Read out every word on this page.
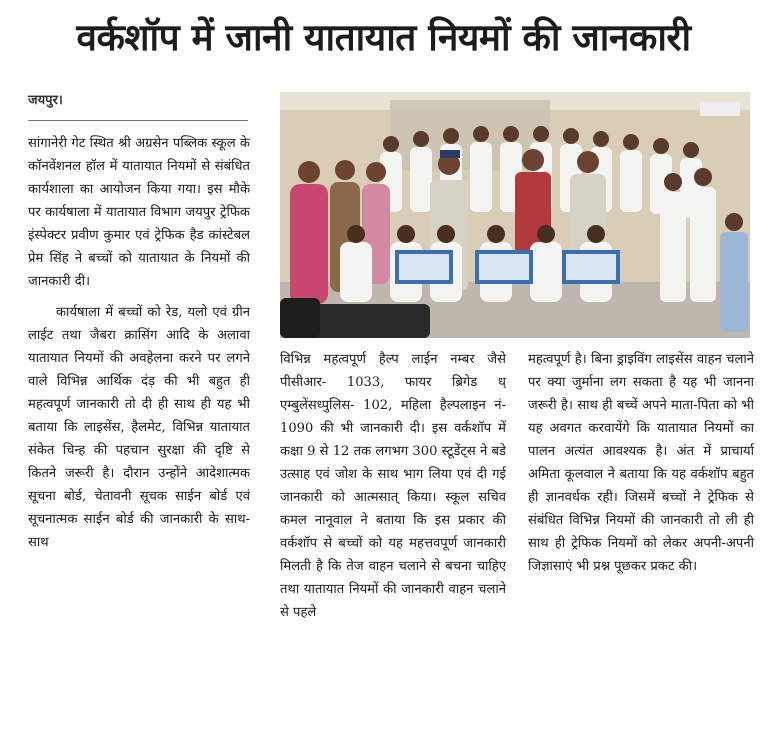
वर्कशॉप में जानी यातायात नियमों की जानकारी
जयपुर।

सांगानेरी गेट स्थित श्री अग्रसेन पब्लिक स्कूल के कॉनवेंशनल हॉल में यातायात नियमों से संबंधित कार्यशाला का आयोजन किया गया। इस मौके पर कार्यषाला में यातायात विभाग जयपुर ट्रेफिक इंस्पेक्टर प्रवीण कुमार एवं ट्रेफिक हैड कांस्टेबल प्रेम सिंह ने बच्चों को यातायात के नियमों की जानकारी दी।

कार्यषाला में बच्चों को रेड, यलो एवं ग्रीन लाईट तथा जैबरा क्रासिंग आदि के अलावा यातायात नियमों की अवहेलना करने पर लगने वाले विभिन्न आर्थिक दंड़ की भी बहुत ही महत्वपूर्ण जानकारी तो दी ही साथ ही यह भी बताया कि लाइसेंस, हैलमेट, विभिन्न यातायात संकेत चिन्ह की पहचान सुरक्षा की दृष्टि से कितने जरूरी है। दौरान उन्होंने आदेशात्मक सूचना बोर्ड, चेतावनी सूचक साईन बोर्ड एवं सूचनात्मक साईन बोर्ड की जानकारी के साथ-साथ

विभिन्न महत्वपूर्ण हैल्प लाईन नम्बर जैसे पीसीआर- 1033, फायर ब्रिगेड ध् एम्बुलेंसध्पुलिस- 102, महिला हैल्पलाइन नं- 1090 की भी जानकारी दी। इस वर्कशॉप में कक्षा 9 से 12 तक लगभग 300 स्टूडेंट्स ने बडे उत्साह एवं जोश के साथ भाग लिया एवं दी गई जानकारी को आत्मसात् किया। स्कूल सचिव कमल नानूवाल ने बताया कि इस प्रकार की वर्कशॉप से बच्चों को यह महत्तवपूर्ण जानकारी मिलती है कि तेज वाहन चलाने से बचना चाहिए तथा यातायात नियमों की जानकारी वाहन चलाने से पहले

महत्वपूर्ण है। बिना ड्राइविंग लाइसेंस वाहन चलाने पर क्या जुर्माना लग सकता है यह भी जानना जरूरी है। साथ ही बच्चें अपने माता-पिता को भी यह अवगत करवायेंगे कि यातायात नियमों का पालन अत्यंत आवश्यक है। अंत में प्राचार्या अमिता कूलवाल ने बताया कि यह वर्कशॉप बहुत ही ज्ञानवर्धक रही। जिसमें बच्चों ने ट्रेफिक से संबंधित विभिन्न नियमों की जानकारी तो ली ही साथ ही ट्रेफिक नियमों को लेकर अपनी-अपनी जिज्ञासाएं भी प्रश्न पूछकर प्रकट की।
